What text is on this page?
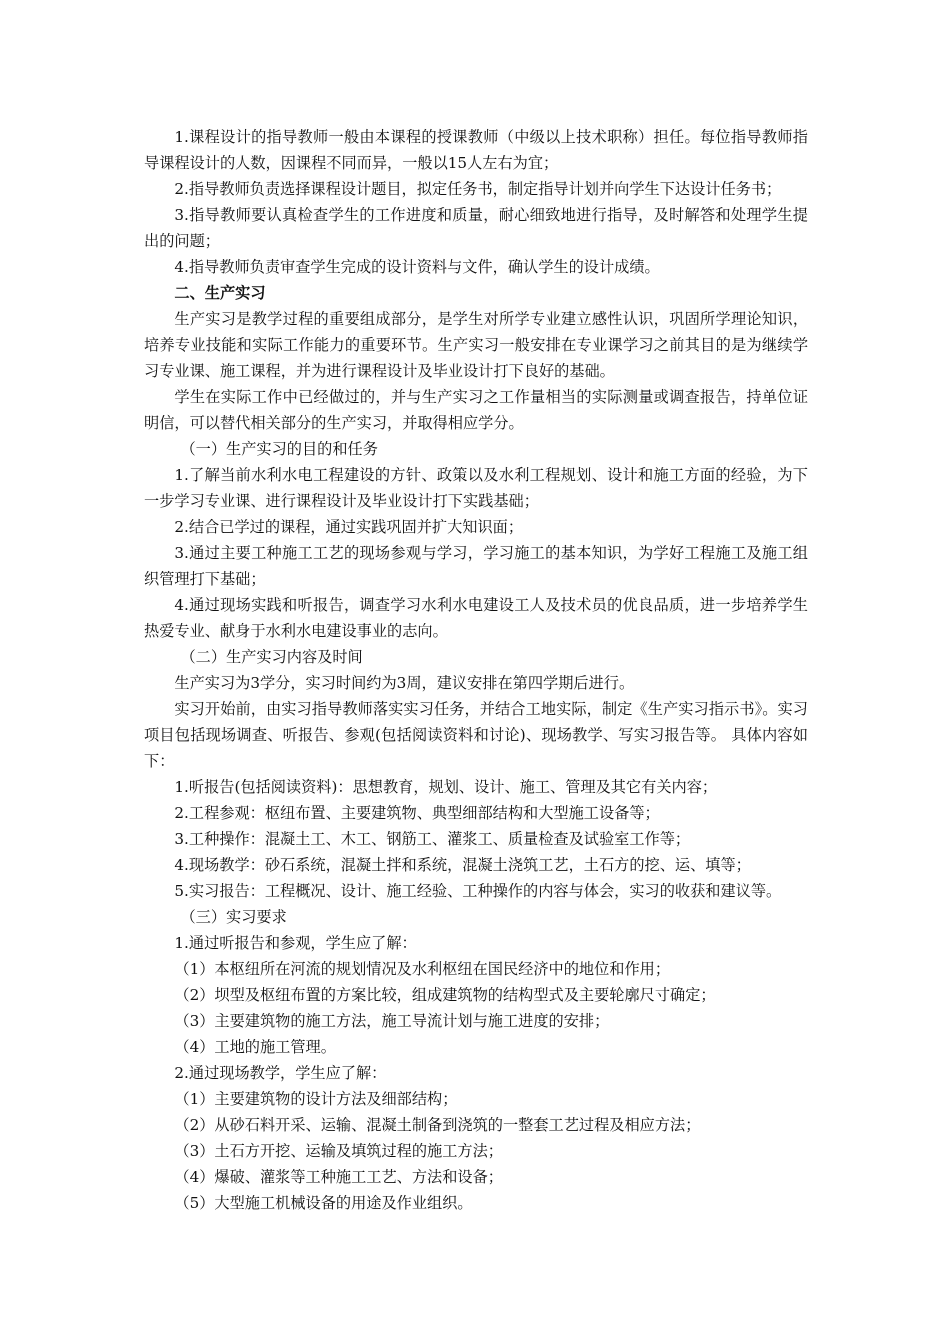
1.课程设计的指导教师一般由本课程的授课教师（中级以上技术职称）担任。每位指导教师指导课程设计的人数，因课程不同而异，一般以15人左右为宜；

2.指导教师负责选择课程设计题目，拟定任务书，制定指导计划并向学生下达设计任务书；

3.指导教师要认真检查学生的工作进度和质量，耐心细致地进行指导，及时解答和处理学生提出的问题；

4.指导教师负责审查学生完成的设计资料与文件，确认学生的设计成绩。

二、生产实习

生产实习是教学过程的重要组成部分，是学生对所学专业建立感性认识，巩固所学理论知识，培养专业技能和实际工作能力的重要环节。生产实习一般安排在专业课学习之前其目的是为继续学习专业课、施工课程，并为进行课程设计及毕业设计打下良好的基础。

学生在实际工作中已经做过的，并与生产实习之工作量相当的实际测量或调查报告，持单位证明信，可以替代相关部分的生产实习，并取得相应学分。

（一）生产实习的目的和任务

1.了解当前水利水电工程建设的方针、政策以及水利工程规划、设计和施工方面的经验，为下一步学习专业课、进行课程设计及毕业设计打下实践基础；

2.结合已学过的课程，通过实践巩固并扩大知识面；

3.通过主要工种施工工艺的现场参观与学习，学习施工的基本知识，为学好工程施工及施工组织管理打下基础；

4.通过现场实践和听报告，调查学习水利水电建设工人及技术员的优良品质，进一步培养学生热爱专业、献身于水利水电建设事业的志向。

（二）生产实习内容及时间

生产实习为3学分，实习时间约为3周，建议安排在第四学期后进行。

实习开始前，由实习指导教师落实实习任务，并结合工地实际，制定《生产实习指示书》。实习项目包括现场调查、听报告、参观(包括阅读资料和讨论)、现场教学、写实习报告等。 具体内容如下：

1.听报告(包括阅读资料)：思想教育，规划、设计、施工、管理及其它有关内容；

2.工程参观：枢纽布置、主要建筑物、典型细部结构和大型施工设备等；

3.工种操作：混凝土工、木工、钢筋工、灌浆工、质量检查及试验室工作等；

4.现场教学：砂石系统，混凝土拌和系统，混凝土浇筑工艺，土石方的挖、运、填等；

5.实习报告：工程概况、设计、施工经验、工种操作的内容与体会，实习的收获和建议等。

（三）实习要求

1.通过听报告和参观，学生应了解：

（1）本枢纽所在河流的规划情况及水利枢纽在国民经济中的地位和作用；

（2）坝型及枢纽布置的方案比较，组成建筑物的结构型式及主要轮廓尺寸确定；

（3）主要建筑物的施工方法，施工导流计划与施工进度的安排；

（4）工地的施工管理。

2.通过现场教学，学生应了解：

（1）主要建筑物的设计方法及细部结构；

（2）从砂石料开采、运输、混凝土制备到浇筑的一整套工艺过程及相应方法；

（3）土石方开挖、运输及填筑过程的施工方法；

（4）爆破、灌浆等工种施工工艺、方法和设备；

（5）大型施工机械设备的用途及作业组织。
